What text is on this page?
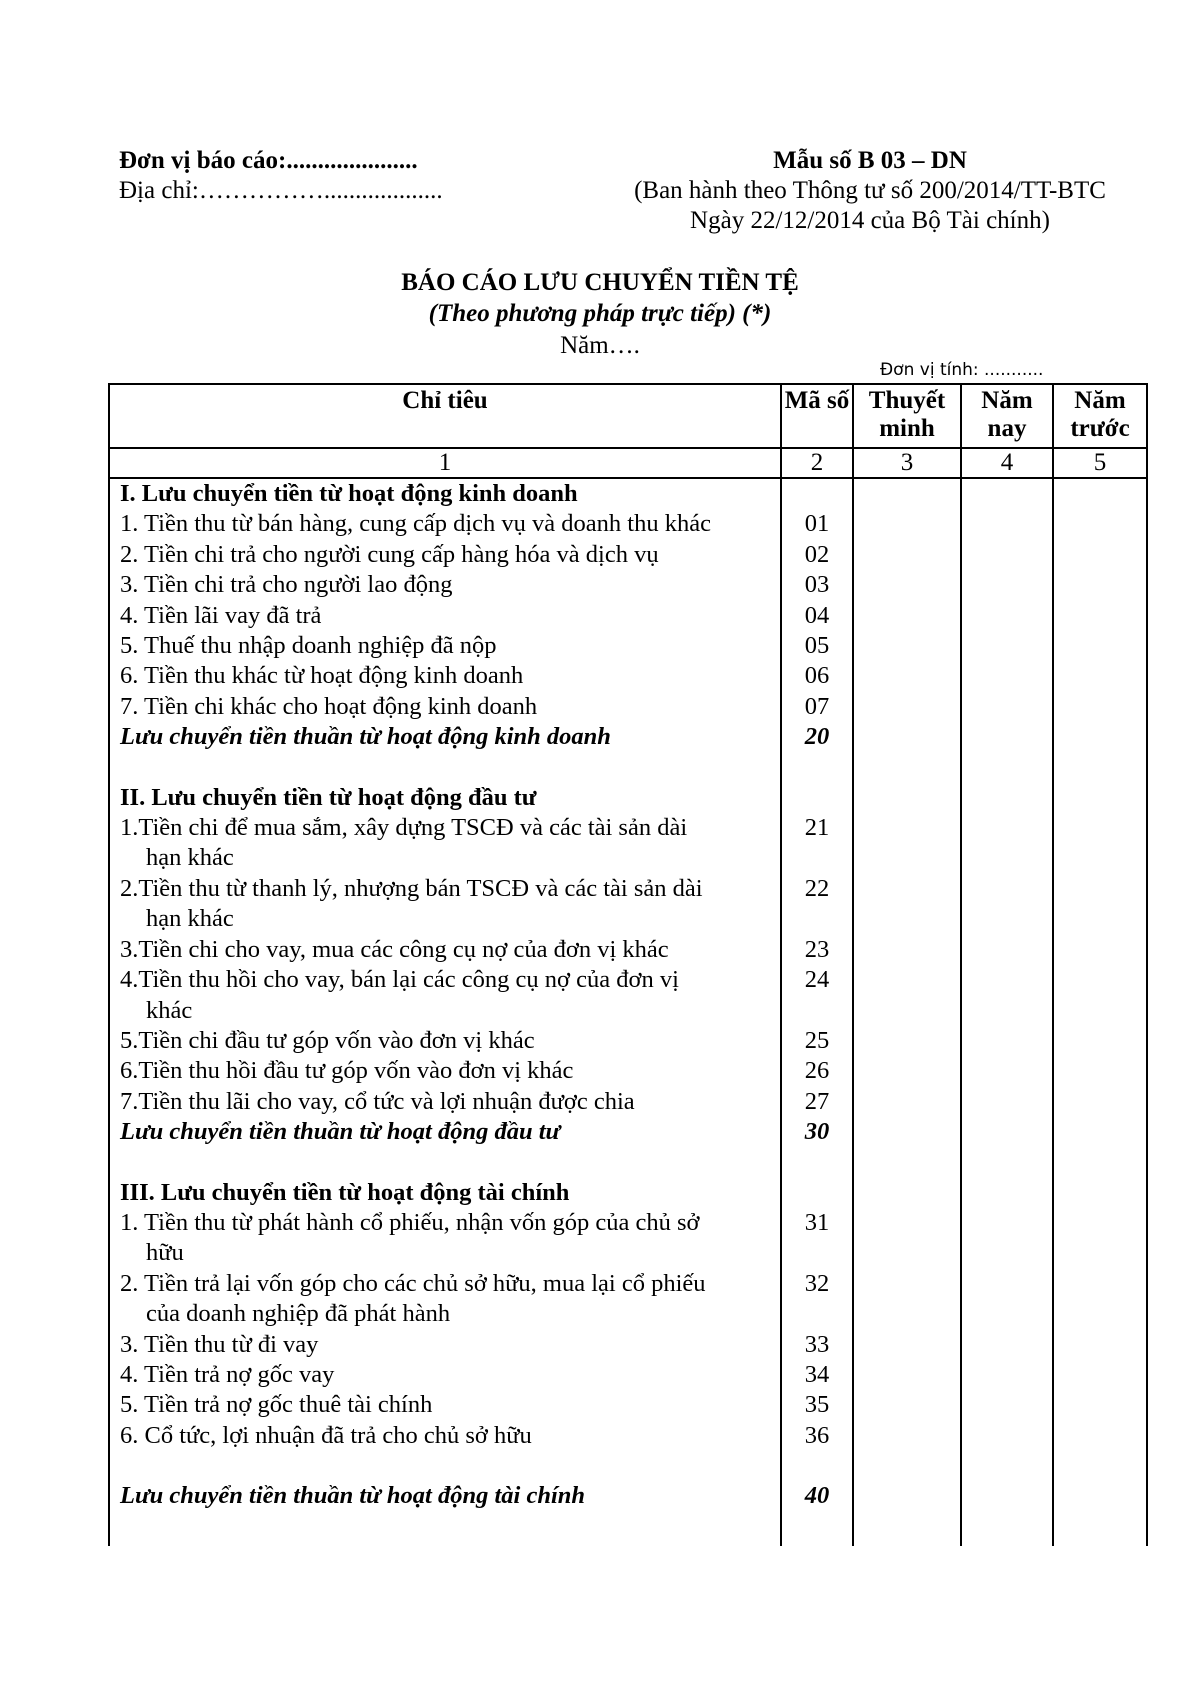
Đơn vị báo cáo:.....................
Địa chỉ:……………...................
Mẫu số B 03 – DN
(Ban hành theo Thông tư số 200/2014/TT-BTC
Ngày 22/12/2014 của Bộ Tài chính)
BÁO CÁO LƯU CHUYỂN TIỀN TỆ
(Theo phương pháp trực tiếp) (*)
Năm….
Đơn vị tính: ...........
Chỉ tiêu	Mã số	Thuyết minh	Năm nay	Năm trước
1	2	3	4	5
I. Lưu chuyển tiền từ hoạt động kinh doanh				
1. Tiền thu từ bán hàng, cung cấp dịch vụ và doanh thu khác	01			
2. Tiền chi trả cho người cung cấp hàng hóa và dịch vụ	02			
3. Tiền chi trả cho người lao động	03			
4. Tiền lãi vay đã trả	04			
5. Thuế thu nhập doanh nghiệp đã nộp	05			
6. Tiền thu khác từ hoạt động kinh doanh	06			
7. Tiền chi khác cho hoạt động kinh doanh	07			
Lưu chuyển tiền thuần từ hoạt động kinh doanh	20			

II. Lưu chuyển tiền từ hoạt động đầu tư				
1.Tiền chi để mua sắm, xây dựng TSCĐ và các tài sản dài
hạn khác	21			
2.Tiền thu từ thanh lý, nhượng bán TSCĐ và các tài sản dài
hạn khác	22			
3.Tiền chi cho vay, mua các công cụ nợ của đơn vị khác	23			
4.Tiền thu hồi cho vay, bán lại các công cụ nợ của đơn vị
khác	24			
5.Tiền chi đầu tư góp vốn vào đơn vị khác	25			
6.Tiền thu hồi đầu tư góp vốn vào đơn vị khác	26			
7.Tiền thu lãi cho vay, cổ tức và lợi nhuận được chia	27			
Lưu chuyển tiền thuần từ hoạt động đầu tư	30			

III. Lưu chuyển tiền từ hoạt động tài chính				
1. Tiền thu từ phát hành cổ phiếu, nhận vốn góp của chủ sở
hữu	31			
2. Tiền trả lại vốn góp cho các chủ sở hữu, mua lại cổ phiếu
của doanh nghiệp đã phát hành	32			
3. Tiền thu từ đi vay	33			
4. Tiền trả nợ gốc vay	34			
5. Tiền trả nợ gốc thuê tài chính	35			
6. Cổ tức, lợi nhuận đã trả cho chủ sở hữu	36			

Lưu chuyển tiền thuần từ hoạt động tài chính	40			
